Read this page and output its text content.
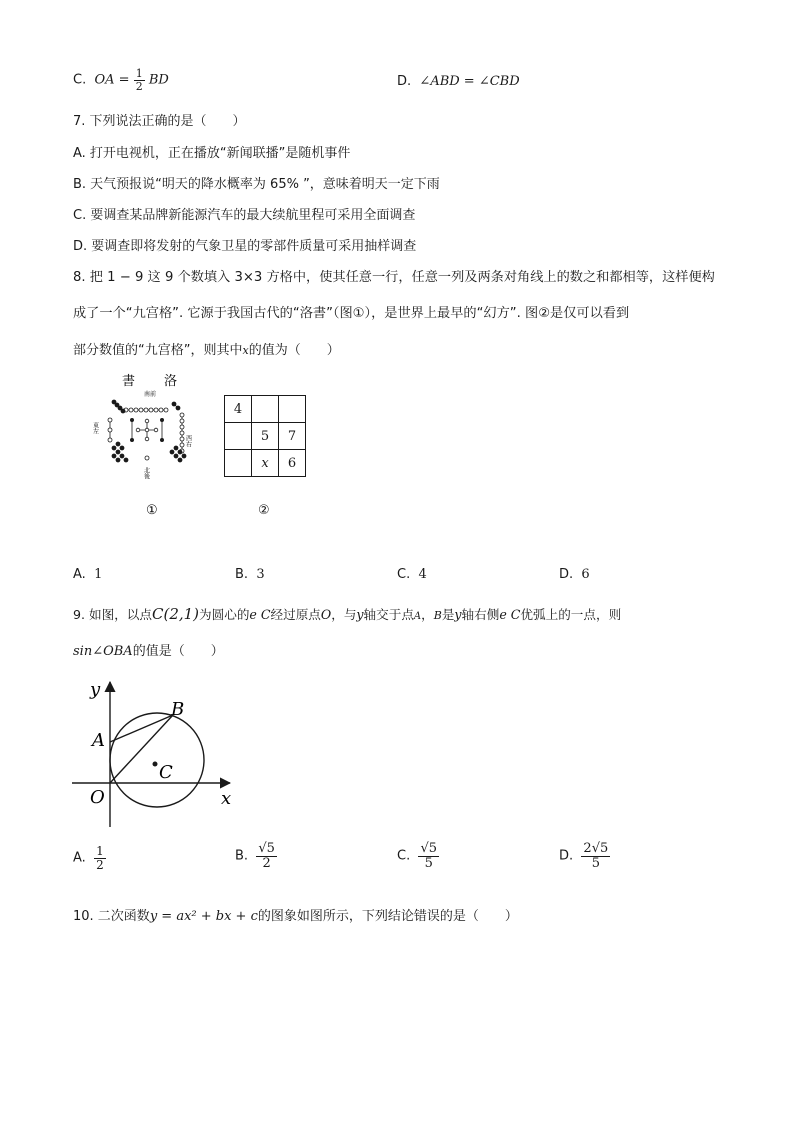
C. OA = $\frac{1}{2}$ BD	D. ∠ABD = ∠CBD
7. 下列说法正确的是（　　）
A. 打开电视机，正在播放“新闻联播”是随机事件
B. 天气预报说“明天的降水概率为 65% ”，意味着明天一定下雨
C. 要调查某品牌新能源汽车的最大续航里程可采用全面调查
D. 要调查即将发射的气象卫星的零部件质量可采用抽样调查
8. 把 1 − 9 这 9 个数填入 3×3 方格中，使其任意一行，任意一列及两条对角线上的数之和都相等，这样便构
成了一个“九宫格”. 它源于我国古代的“洛書”（图①），是世界上最早的“幻方”. 图②是仅可以看到
部分数值的“九宫格”，则其中x的值为（　　）
書 洛
南前
東左
西右
北後
①
4		
	5	7
	x	6
②
A. 1	B. 3	C. 4	D. 6
9. 如图，以点C(2,1)为圆心的e C经过原点O，与y轴交于点A，B是y轴右侧e C优弧上的一点，则
sin∠OBA的值是（　　）
y
x
A
B
C
O
A. $\frac{1}{2}$	B. $\frac{√5}{2}$	C. $\frac{√5}{5}$	D. $\frac{2√5}{5}$
10. 二次函数y = ax² + bx + c的图象如图所示，下列结论错误的是（　　）
